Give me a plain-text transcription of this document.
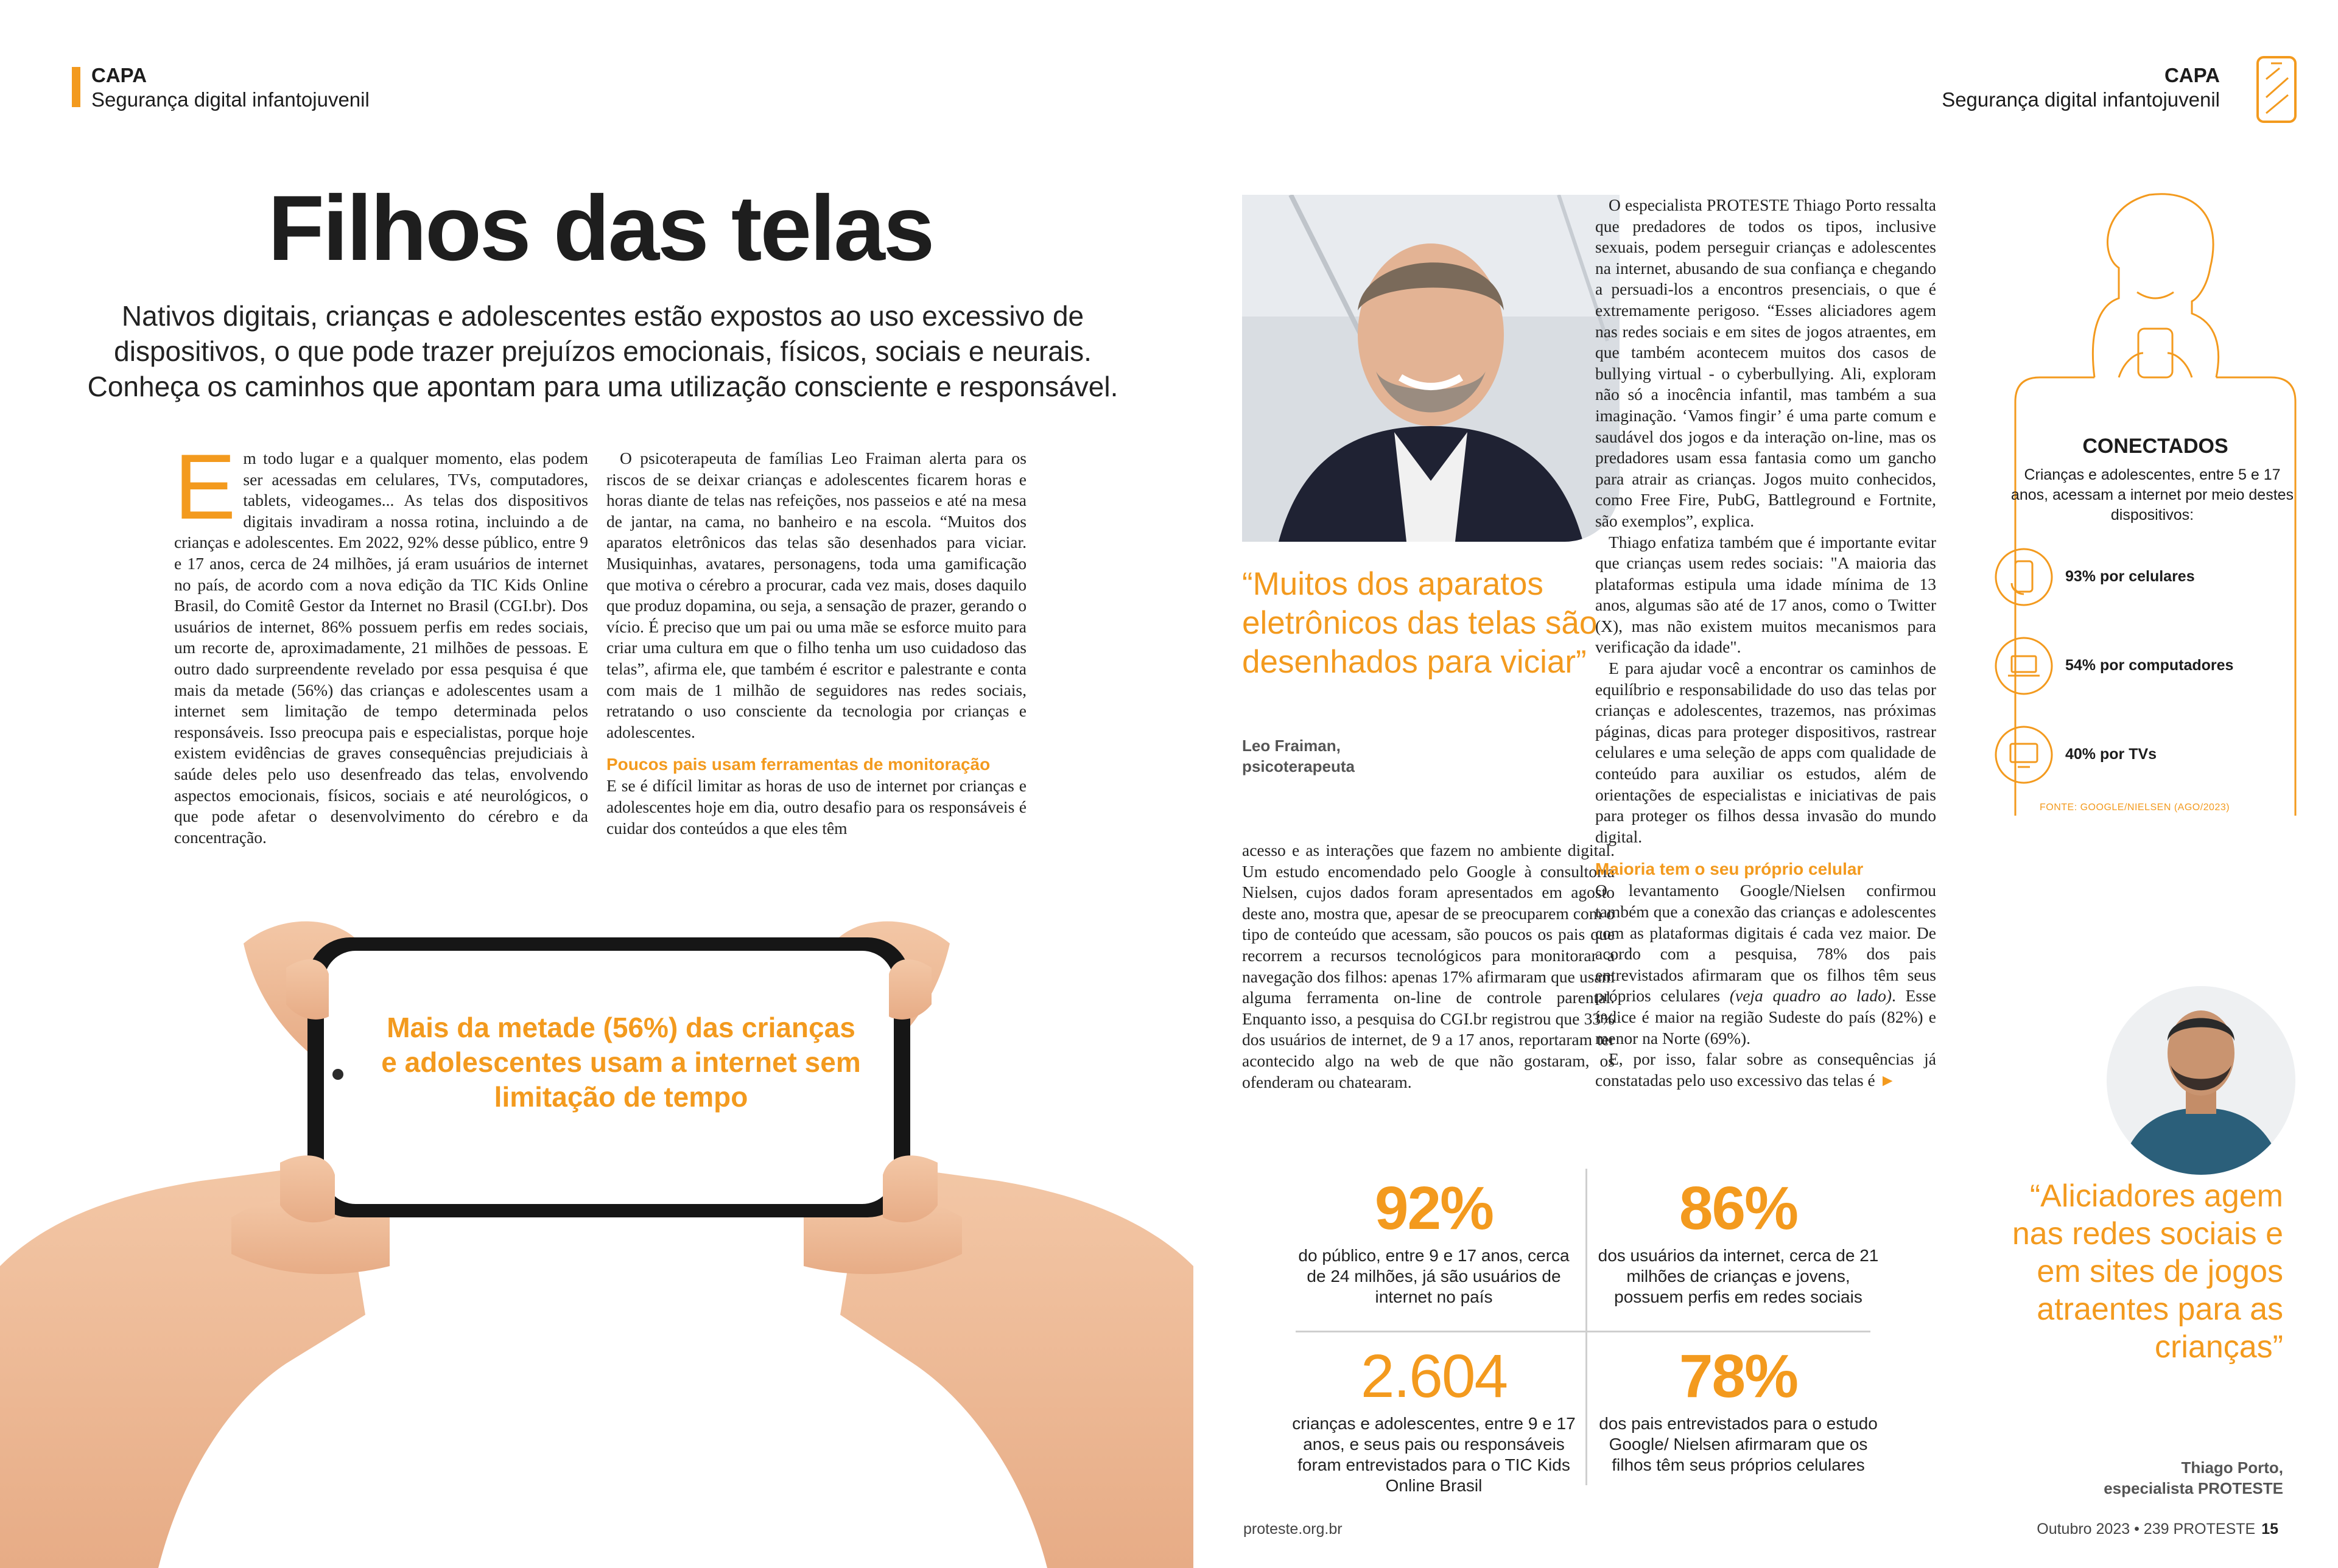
CAPA
Segurança digital infantojuvenil
CAPA
Segurança digital infantojuvenil
Filhos das telas
Nativos digitais, crianças e adolescentes estão expostos ao uso excessivo de dispositivos, o que pode trazer prejuízos emocionais, físicos, sociais e neurais. Conheça os caminhos que apontam para uma utilização consciente e responsável.

Em todo lugar e a qualquer momento, elas podem ser acessadas em celulares, TVs, computadores, tablets, videogames... As telas dos dispositivos digitais invadiram a nossa rotina, incluindo a de crianças e adolescentes. Em 2022, 92% desse público, entre 9 e 17 anos, cerca de 24 milhões, já eram usuários de internet no país, de acordo com a nova edição da TIC Kids Online Brasil, do Comitê Gestor da Internet no Brasil (CGI.br). Dos usuários de internet, 86% possuem perfis em redes sociais, um recorte de, aproximadamente, 21 milhões de pessoas. E outro dado surpreendente revelado por essa pesquisa é que mais da metade (56%) das crianças e adolescentes usam a internet sem limitação de tempo determinada pelos responsáveis. Isso preocupa pais e especialistas, porque hoje existem evidências de graves consequências prejudiciais à saúde deles pelo uso desenfreado das telas, envolvendo aspectos emocionais, físicos, sociais e até neurológicos, o que pode afetar o desenvolvimento do cérebro e da concentração.

O psicoterapeuta de famílias Leo Fraiman alerta para os riscos de se deixar crianças e adolescentes ficarem horas e horas diante de telas nas refeições, nos passeios e até na mesa de jantar, na cama, no banheiro e na escola. “Muitos dos aparatos eletrônicos das telas são desenhados para viciar. Musiquinhas, avatares, personagens, toda uma gamificação que motiva o cérebro a procurar, cada vez mais, doses daquilo que produz dopamina, ou seja, a sensação de prazer, gerando o vício. É preciso que um pai ou uma mãe se esforce muito para criar uma cultura em que o filho tenha um uso cuidadoso das telas”, afirma ele, que também é escritor e palestrante e conta com mais de 1 milhão de seguidores nas redes sociais, retratando o uso consciente da tecnologia por crianças e adolescentes.

Poucos pais usam ferramentas de monitoração

E se é difícil limitar as horas de uso de internet por crianças e adolescentes hoje em dia, outro desafio para os responsáveis é cuidar dos conteúdos a que eles têm

Mais da metade (56%) das crianças e adolescentes usam a internet sem limitação de tempo
“Muitos dos aparatos eletrônicos das telas são desenhados para viciar”
Leo Fraiman,
psicoterapeuta

acesso e as interações que fazem no ambiente digital. Um estudo encomendado pelo Google à consultoria Nielsen, cujos dados foram apresentados em agosto deste ano, mostra que, apesar de se preocuparem com o tipo de conteúdo que acessam, são poucos os pais que recorrem a recursos tecnológicos para monitorar a navegação dos filhos: apenas 17% afirmaram que usam alguma ferramenta on-line de controle parental. Enquanto isso, a pesquisa do CGI.br registrou que 33% dos usuários de internet, de 9 a 17 anos, reportaram ter acontecido algo na web de que não gostaram, os ofenderam ou chatearam.

O especialista PROTESTE Thiago Porto ressalta que predadores de todos os tipos, inclusive sexuais, podem perseguir crianças e adolescentes na internet, abusando de sua confiança e chegando a persuadi-los a encontros presenciais, o que é extremamente perigoso. “Esses aliciadores agem nas redes sociais e em sites de jogos atraentes, em que também acontecem muitos dos casos de bullying virtual - o cyberbullying. Ali, exploram não só a inocência infantil, mas também a sua imaginação. ‘Vamos fingir’ é uma parte comum e saudável dos jogos e da interação on-line, mas os predadores usam essa fantasia como um gancho para atrair as crianças. Jogos muito conhecidos, como Free Fire, PubG, Battleground e Fortnite, são exemplos”, explica.

Thiago enfatiza também que é importante evitar que crianças usem redes sociais: "A maioria das plataformas estipula uma idade mínima de 13 anos, algumas são até de 17 anos, como o Twitter (X), mas não existem muitos mecanismos para verificação da idade".

E para ajudar você a encontrar os caminhos de equilíbrio e responsabilidade do uso das telas por crianças e adolescentes, trazemos, nas próximas páginas, dicas para proteger dispositivos, rastrear celulares e uma seleção de apps com qualidade de conteúdo para auxiliar os estudos, além de orientações de especialistas e iniciativas de pais para proteger os filhos dessa invasão do mundo digital.

Maioria tem o seu próprio celular

O levantamento Google/Nielsen confirmou também que a conexão das crianças e adolescentes com as plataformas digitais é cada vez maior. De acordo com a pesquisa, 78% dos pais entrevistados afirmaram que os filhos têm seus próprios celulares (veja quadro ao lado). Esse índice é maior na região Sudeste do país (82%) e menor na Norte (69%).

E, por isso, falar sobre as consequências já constatadas pelo uso excessivo das telas é ►

92%
do público, entre 9 e 17 anos, cerca de 24 milhões, já são usuários de internet no país
86%
dos usuários da internet, cerca de 21 milhões de crianças e jovens, possuem perfis em redes sociais
2.604
crianças e adolescentes, entre 9 e 17 anos, e seus pais ou responsáveis foram entrevistados para o TIC Kids Online Brasil
78%
dos pais entrevistados para o estudo Google/ Nielsen afirmaram que os filhos têm seus próprios celulares
CONECTADOS
Crianças e adolescentes, entre 5 e 17 anos, acessam a internet por meio destes dispositivos:
93% por celulares
54% por computadores
40% por TVs
FONTE: GOOGLE/NIELSEN (AGO/2023)
“Aliciadores agem nas redes sociais e em sites de jogos atraentes para as crianças”
Thiago Porto,
especialista PROTESTE
proteste.org.br	Outubro 2023 • 239 PROTESTE 15
